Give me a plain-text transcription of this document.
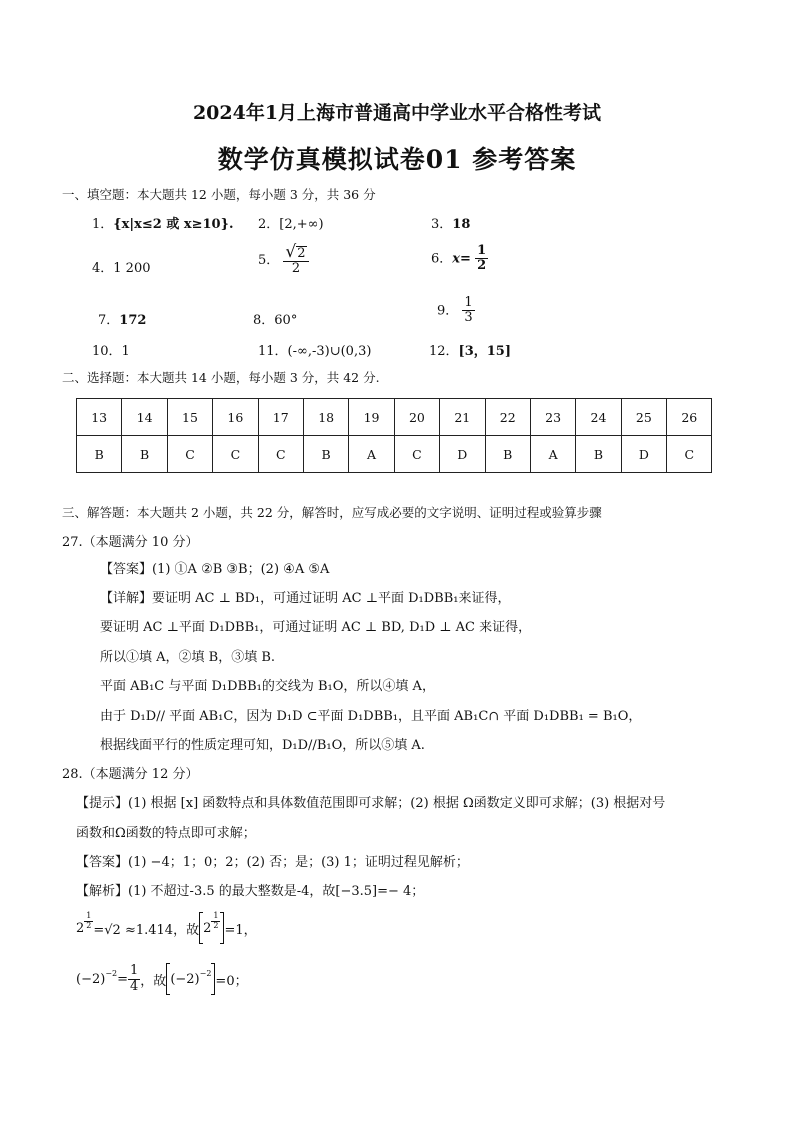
2024年1月上海市普通高中学业水平合格性考试
数学仿真模拟试卷01 参考答案
一、填空题：本大题共 12 小题，每小题 3 分，共 36 分
1．{x|x≤2 或 x≥10}. 2．[2,+∞)	3．18
4．1 200
5． $\frac{√ 2}{2}$	6．$x= \frac{1}{2}$
7．172	8．60°
9． $\frac{1}{3}$
10．1	11．(-∞,-3)∪(0,3)	12．[3，15]
二、选择题：本大题共 14 小题，每小题 3 分，共 42 分.
13	14	15	16	17	18	19	20	21	22	23	24	25	26
B	B	C	C	C	B	A	C	D	B	A	B	D	C
三、解答题：本大题共 2 小题，共 22 分，解答时，应写成必要的文字说明、证明过程或验算步骤
27.（本题满分 10 分）
【答案】(1) ①A ②B ③B；(2) ④A ⑤A
【详解】要证明 AC ⊥ BD₁，可通过证明 AC ⊥平面 D₁DBB₁来证得，
要证明 AC ⊥平面 D₁DBB₁，可通过证明 AC ⊥ BD, D₁D ⊥ AC 来证得，
所以①填 A，②填 B，③填 B.
平面 AB₁C 与平面 D₁DBB₁的交线为 B₁O，所以④填 A，
由于 D₁D// 平面 AB₁C，因为 D₁D ⊂平面 D₁DBB₁，且平面 AB₁C∩ 平面 D₁DBB₁ = B₁O，
根据线面平行的性质定理可知，D₁D//B₁O，所以⑤填 A.
28.（本题满分 12 分）
【提示】(1) 根据 [x] 函数特点和具体数值范围即可求解；(2) 根据 Ω函数定义即可求解；(3) 根据对号
函数和Ω函数的特点即可求解；
【答案】(1) −4；1；0；2；(2) 否；是；(3) 1；证明过程见解析；
【解析】(1) 不超过-3.5 的最大整数是-4，故[−3.5]=− 4；
$2 \frac{1}{2} =√2 \approx 1.414$，故 $2 \frac{1}{2} =1$，
$(-2)^{-2} = \frac{1}{4}$ ，故 $(-2)^{-2}$
=0；
